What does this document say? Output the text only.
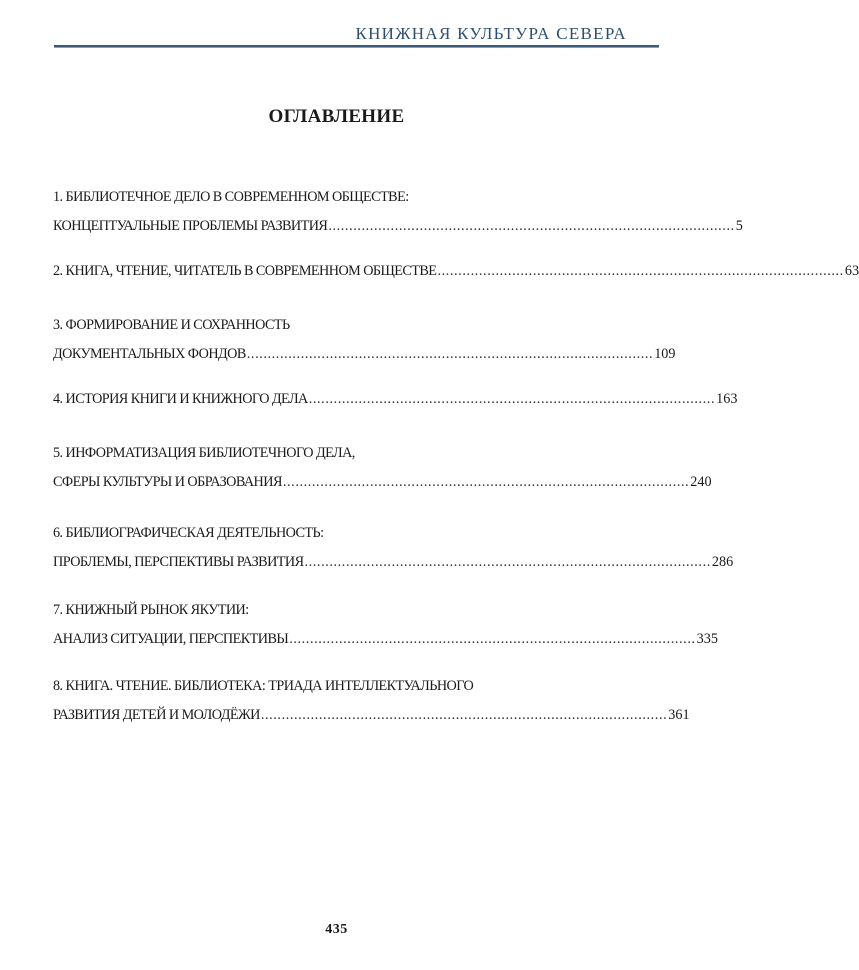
КНИЖНАЯ КУЛЬТУРА СЕВЕРА
ОГЛАВЛЕНИЕ
1. БИБЛИОТЕЧНОЕ ДЕЛО В СОВРЕМЕННОМ ОБЩЕСТВЕ:
КОНЦЕПТУАЛЬНЫЕ ПРОБЛЕМЫ РАЗВИТИЯ .................................................................................................. 5
2. КНИГА, ЧТЕНИЕ, ЧИТАТЕЛЬ В СОВРЕМЕННОМ ОБЩЕСТВЕ .................................................................................................. 63
3. ФОРМИРОВАНИЕ И СОХРАННОСТЬ
ДОКУМЕНТАЛЬНЫХ ФОНДОВ .................................................................................................. 109
4. ИСТОРИЯ КНИГИ И КНИЖНОГО ДЕЛА .................................................................................................. 163
5. ИНФОРМАТИЗАЦИЯ БИБЛИОТЕЧНОГО ДЕЛА,
СФЕРЫ КУЛЬТУРЫ И ОБРАЗОВАНИЯ .................................................................................................. 240
6. БИБЛИОГРАФИЧЕСКАЯ ДЕЯТЕЛЬНОСТЬ:
ПРОБЛЕМЫ, ПЕРСПЕКТИВЫ РАЗВИТИЯ .................................................................................................. 286
7. КНИЖНЫЙ РЫНОК ЯКУТИИ:
АНАЛИЗ СИТУАЦИИ, ПЕРСПЕКТИВЫ .................................................................................................. 335
8. КНИГА. ЧТЕНИЕ. БИБЛИОТЕКА: ТРИАДА ИНТЕЛЛЕКТУАЛЬНОГО
РАЗВИТИЯ ДЕТЕЙ И МОЛОДЁЖИ .................................................................................................. 361
435
